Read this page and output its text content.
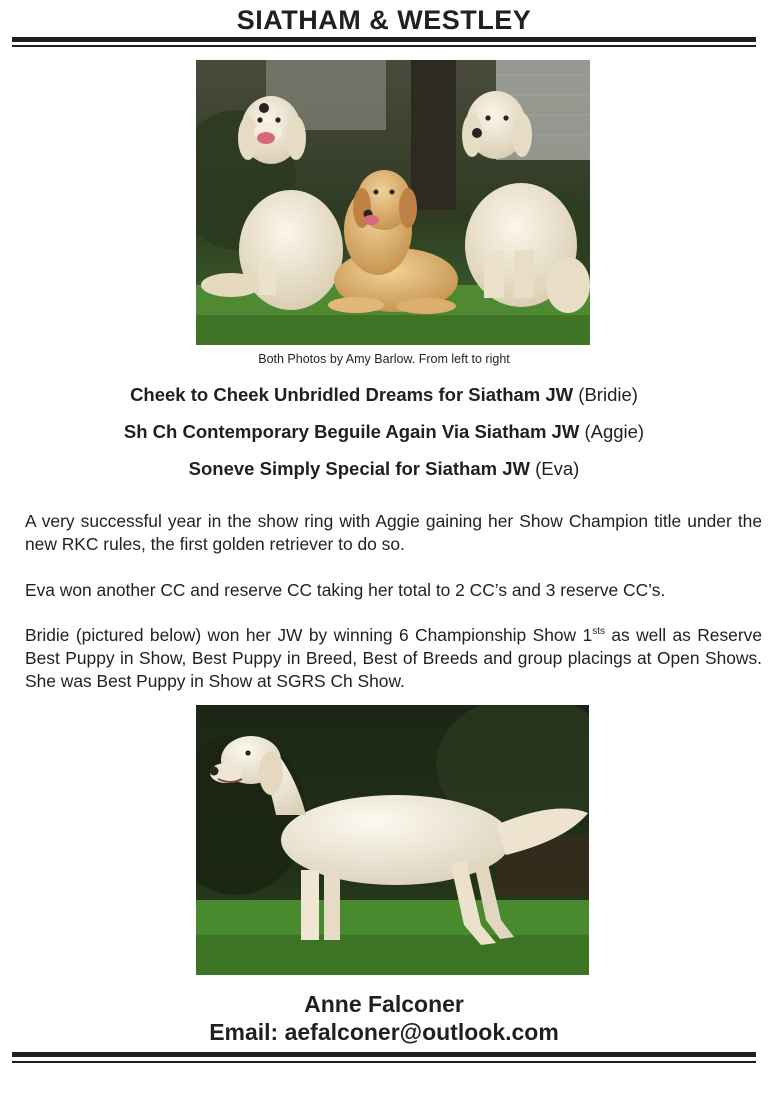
SIATHAM & WESTLEY
Both Photos by Amy Barlow. From left to right
Cheek to Cheek Unbridled Dreams for Siatham JW (Bridie)
Sh Ch Contemporary Beguile Again Via Siatham JW (Aggie)
Soneve Simply Special for Siatham JW (Eva)
A very successful year in the show ring with Aggie gaining her Show Champion title under the new RKC rules, the first golden retriever to do so.
Eva won another CC and reserve CC taking her total to 2 CC’s and 3 reserve CC’s.
Bridie (pictured below) won her JW by winning 6 Championship Show $1^{sts}$ as well as Reserve Best Puppy in Show, Best Puppy in Breed, Best of Breeds and group placings at Open Shows. She was Best Puppy in Show at SGRS Ch Show.
Anne Falconer
Email: aefalconer@outlook.com
